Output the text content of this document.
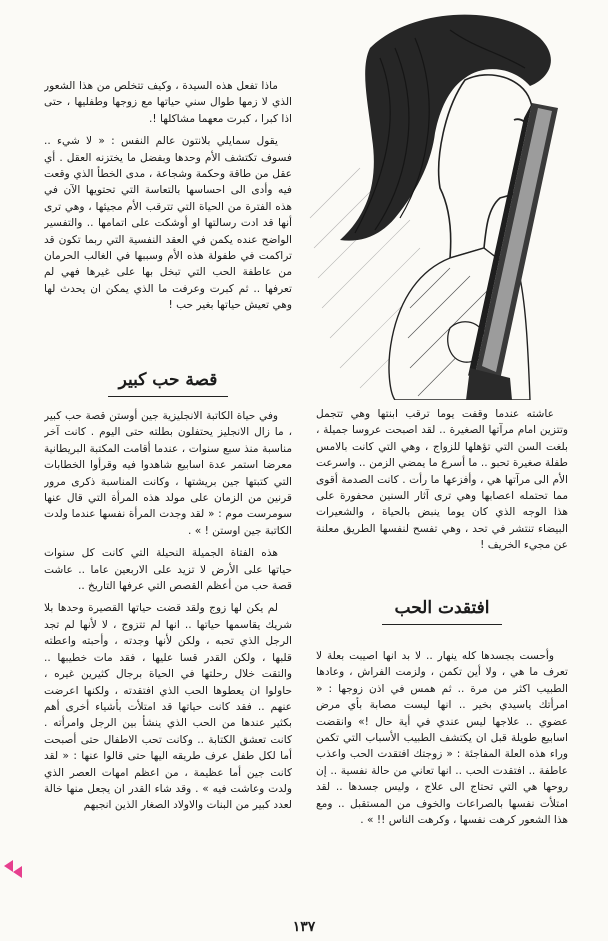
ماذا تفعل هذه السيدة ، وكيف تتخلص من هذا الشعور الذي لا زمها طوال سني حياتها مع زوجها وطفليها ، حتى اذا كبرا ، كبرت معهما مشاكلها !.

يقول سمايلي بلانتون عالم النفس : « لا شيء .. فسوف تكتشف الأم وحدها وبفضل ما يختزنه العقل . أي عقل من طاقة وحكمة وشجاعة ، مدى الخطأ الذي وقعت فيه وأدى الى احساسها بالتعاسة التي تحتويها الآن في هذه الفترة من الحياة التي تترقب الأم مجيئها ، وهي ترى أنها قد ادت رسالتها او أوشكت على اتمامها .. والتفسير الواضح عنده يكمن في العقد النفسية التي ربما تكون قد تراكمت في طفولة هذه الأم وسببها في الغالب الحرمان من عاطفة الحب التي تبخل بها على غيرها فهي لم تعرفها .. ثم كبرت وعرفت ما الذي يمكن ان يحدث لها وهي تعيش حياتها بغير حب !

قصة حب كبير

وفي حياة الكاتبة الانجليزية جين أوستن قصة حب كبير ، ما زال الانجليز يحتفلون بطلته حتى اليوم . كانت آخر مناسبة منذ سبع سنوات ، عندما أقامت المكتبة البريطانية معرضا استمر عدة اسابيع شاهدوا فيه وقرأوا الخطابات التي كتبتها جين بريشتها ، وكانت المناسبة ذكرى مرور قرنين من الزمان على مولد هذه المرأة التي قال عنها سومرست موم : « لقد وجدت المرأة نفسها عندما ولدت الكاتبة جين اوستن ! » .

هذه الفتاة الجميلة النحيلة التي كانت كل سنوات حياتها على الأرض لا تزيد على الاربعين عاما .. عاشت قصة حب من أعظم القصص التي عرفها التاريخ ..

لم يكن لها زوج ولقد قضت حياتها القصيرة وحدها بلا شريك يقاسمها حياتها .. انها لم تتزوج ، لا لأنها لم تجد الرجل الذي تحبه ، ولكن لأنها وجدته ، وأحبته واعطته قلبها ، ولكن القدر قسا عليها ، فقد مات خطيبها .. والتقت خلال رحلتها في الحياة برجال كثيرين غيره ، حاولوا ان يعطوها الحب الذي افتقدته ، ولكنها اعرضت عنهم .. فقد كانت حياتها قد امتلأت بأشياء أخرى أهم بكثير عندها من الحب الذي ينشأ بين الرجل وامرأته . كانت تعشق الكتابة .. وكانت تحب الاطفال حتى أصبحت أما لكل طفل عرف طريقه اليها حتى قالوا عنها : « لقد كانت جين أما عظيمة ، من اعظم امهات العصر الذي ولدت وعاشت فيه » . وقد شاء القدر ان يجعل منها خالة لعدد كبير من البنات والاولاد الصغار الذين انجبهم

عاشته عندما وقفت يوما ترقب ابنتها وهي تتجمل وتتزين امام مرآتها الصغيرة .. لقد اصبحت عروسا جميلة ، بلغت السن التي تؤهلها للزواج ، وهي التي كانت بالامس طفلة صغيرة تحبو .. ما أسرع ما يمضي الزمن .. واسرعت الأم الى مرآتها هي ، وأفزعها ما رأت . كانت الصدمة أقوى مما تحتمله اعصابها وهي ترى آثار السنين محفورة على هذا الوجه الذي كان يوما ينبض بالحياة ، والشعيرات البيضاء تنتشر في تحد ، وهي تفسح لنفسها الطريق معلنة عن مجيء الخريف !

افتقدت الحب

وأحست بجسدها كله ينهار .. لا بد انها اصيبت بعلة لا تعرف ما هي ، ولا أين تكمن ، ولزمت الفراش ، وعادها الطبيب اكثر من مرة .. ثم همس في اذن زوجها : « امرأتك ياسيدي بخير .. انها ليست مصابة بأي مرض عضوي .. علاجها ليس عندي في أية حال !» وانقضت اسابيع طويلة قبل ان يكتشف الطبيب الأسباب التي تكمن وراء هذه العلة المفاجئة : « زوجتك افتقدت الحب واعذب عاطفة .. افتقدت الحب .. انها تعاني من حالة نفسية .. إن روحها هي التي تحتاج الى علاج ، وليس جسدها .. لقد امتلأت نفسها بالصراعات والخوف من المستقبل .. ومع هذا الشعور كرهت نفسها ، وكرهت الناس !! » .

١٣٧
